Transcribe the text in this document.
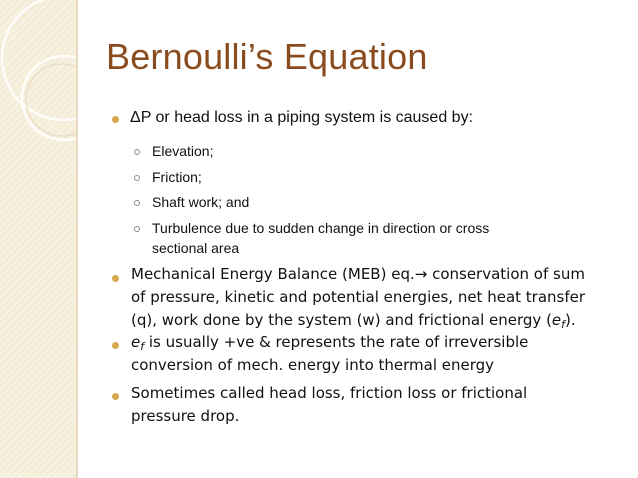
Bernoulli’s Equation
ΔP or head loss in a piping system is caused by:
Elevation;
Friction;
Shaft work; and
Turbulence due to sudden change in direction or cross
sectional area
Mechanical Energy Balance (MEB) eq.→ conservation of sum
of pressure, kinetic and potential energies, net heat transfer
(q), work done by the system (w) and frictional energy $(e_f)$.
$e_f$ is usually +ve & represents the rate of irreversible
conversion of mech. energy into thermal energy
Sometimes called head loss, friction loss or frictional
pressure drop.
